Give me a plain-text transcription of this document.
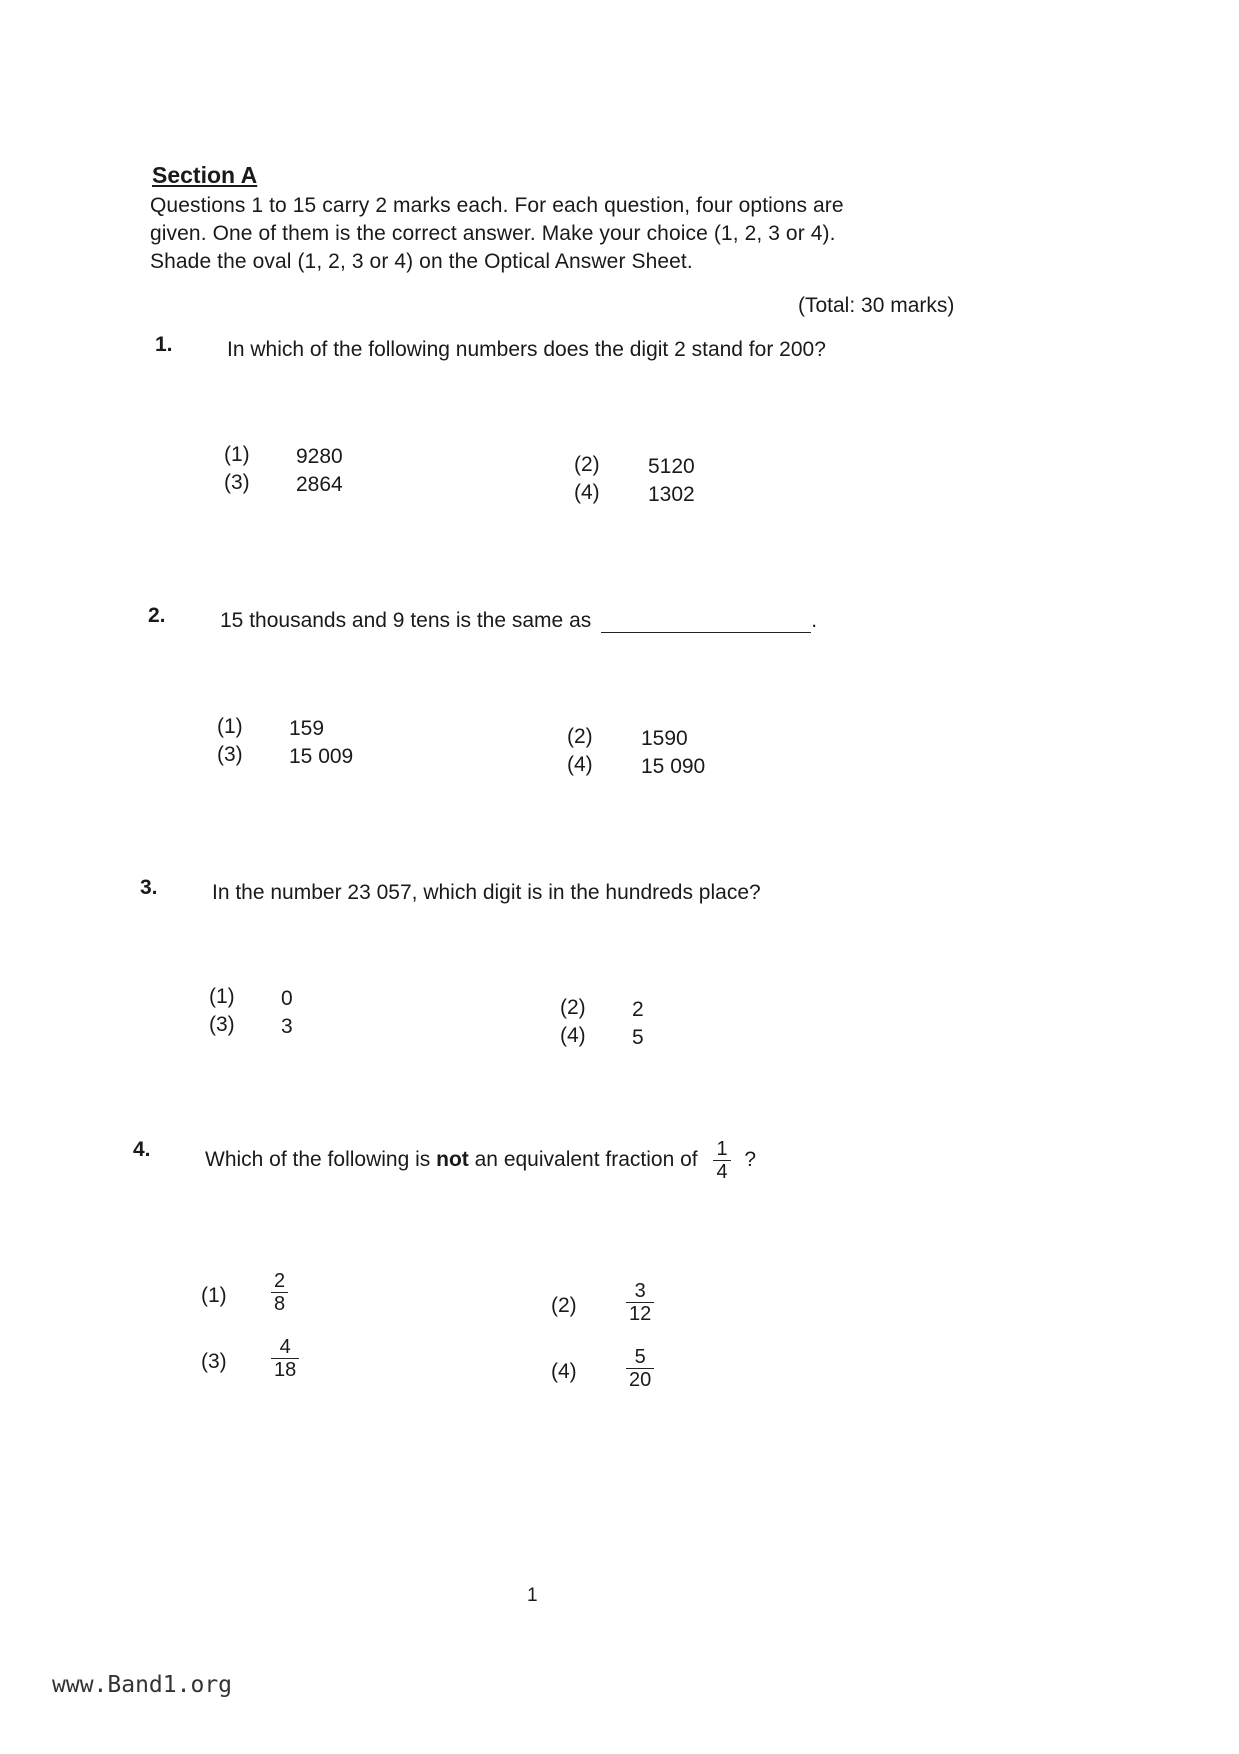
Section A
Questions 1 to 15 carry 2 marks each. For each question, four options are
given. One of them is the correct answer. Make your choice (1, 2, 3 or 4).
Shade the oval (1, 2, 3 or 4) on the Optical Answer Sheet.
(Total: 30 marks)
1.	In which of the following numbers does the digit 2 stand for 200?
(1) 9280	(2) 5120
(3) 2864	(4) 1302
2.	15 thousands and 9 tens is the same as	.
(1) 159	(2) 1590
(3) 15 009	(4) 15 090
3.	In the number 23 057, which digit is in the hundreds place?
(1) 0	(2) 2
(3) 3	(4) 5
4.	Which of the following is not an equivalent fraction of $\frac{1}{4}$ ?
$(1) \frac{2}{8}$	$(2) \frac{3}{12}$
$(3) \frac{4}{18}$	$(4) \frac{5}{20}$
1
www.Band1.org
